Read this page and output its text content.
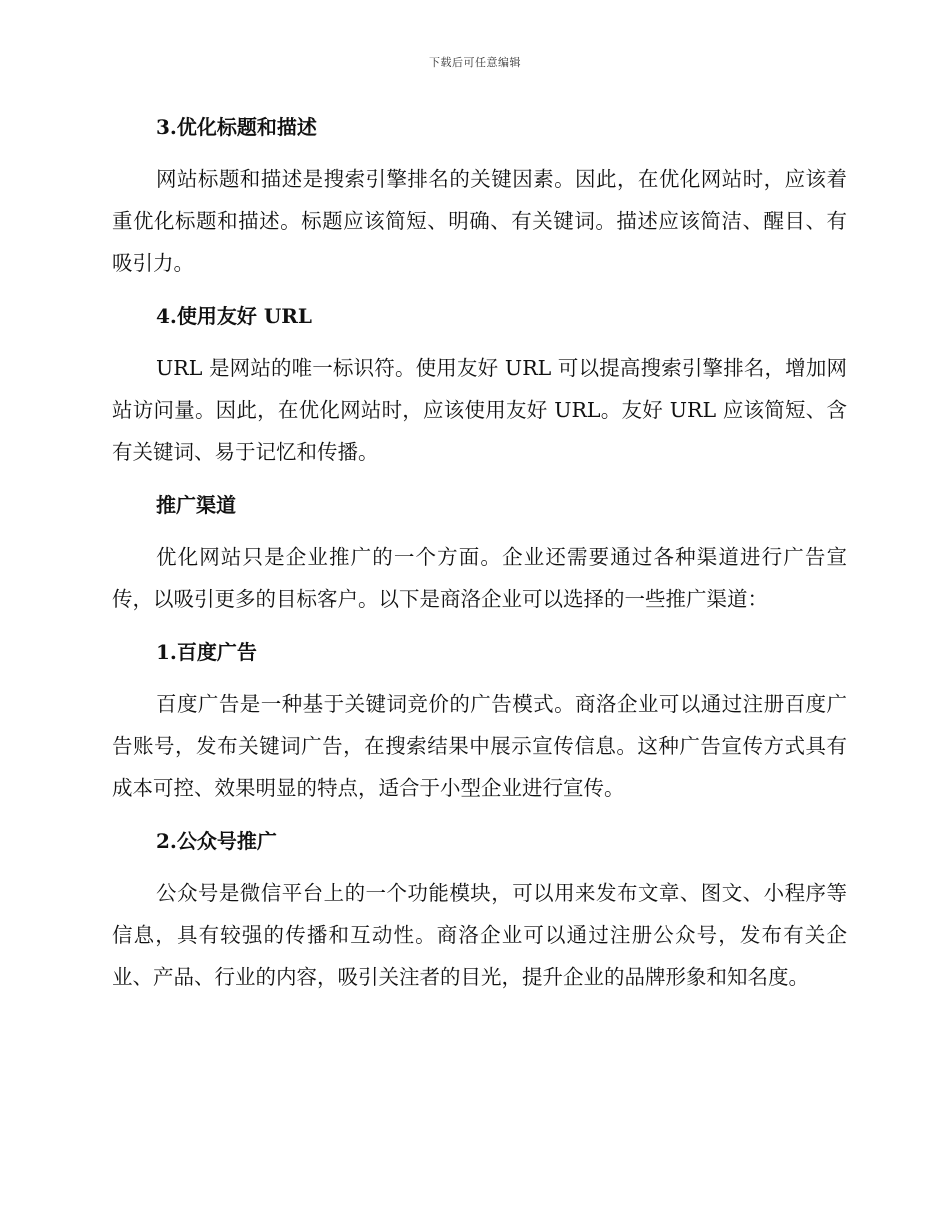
下载后可任意编辑
3.优化标题和描述

网站标题和描述是搜索引擎排名的关键因素。因此，在优化网站时，应该着重优化标题和描述。标题应该简短、明确、有关键词。描述应该简洁、醒目、有吸引力。

4.使用友好 URL

URL 是网站的唯一标识符。使用友好 URL 可以提高搜索引擎排名，增加网站访问量。因此，在优化网站时，应该使用友好 URL。友好 URL 应该简短、含有关键词、易于记忆和传播。

推广渠道

优化网站只是企业推广的一个方面。企业还需要通过各种渠道进行广告宣传，以吸引更多的目标客户。以下是商洛企业可以选择的一些推广渠道：

1.百度广告

百度广告是一种基于关键词竞价的广告模式。商洛企业可以通过注册百度广告账号，发布关键词广告，在搜索结果中展示宣传信息。这种广告宣传方式具有成本可控、效果明显的特点，适合于小型企业进行宣传。

2.公众号推广

公众号是微信平台上的一个功能模块，可以用来发布文章、图文、小程序等信息，具有较强的传播和互动性。商洛企业可以通过注册公众号，发布有关企业、产品、行业的内容，吸引关注者的目光，提升企业的品牌形象和知名度。
